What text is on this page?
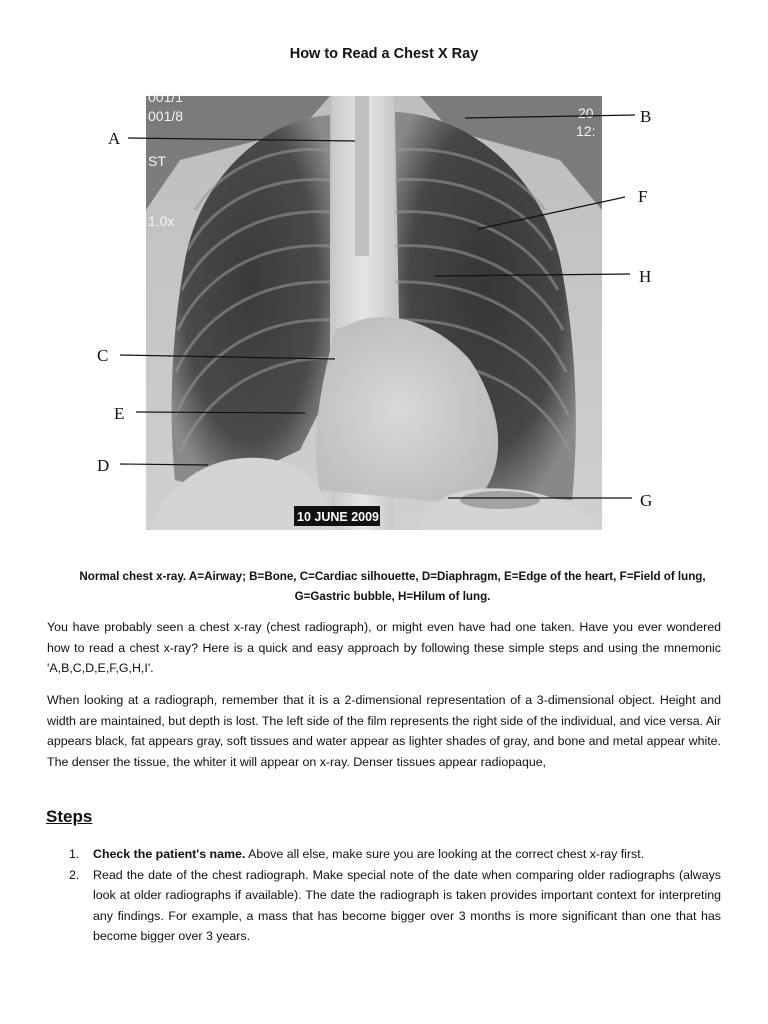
How to Read a Chest X Ray
001/1
001/8
ST
1.0x
20
12:
10 JUNE 2009
A
B
F
H
C
E
D
G
Normal chest x-ray. A=Airway; B=Bone, C=Cardiac silhouette, D=Diaphragm, E=Edge of the heart, F=Field of lung,
G=Gastric bubble, H=Hilum of lung.

You have probably seen a chest x-ray (chest radiograph), or might even have had one taken. Have you ever wondered how to read a chest x-ray? Here is a quick and easy approach by following these simple steps and using the mnemonic 'A,B,C,D,E,F,G,H,I'.

When looking at a radiograph, remember that it is a 2-dimensional representation of a 3-dimensional object. Height and width are maintained, but depth is lost. The left side of the film represents the right side of the individual, and vice versa. Air appears black, fat appears gray, soft tissues and water appear as lighter shades of gray, and bone and metal appear white. The denser the tissue, the whiter it will appear on x-ray. Denser tissues appear radiopaque,

Steps
1. Check the patient's name. Above all else, make sure you are looking at the correct chest x-ray first.
2. Read the date of the chest radiograph. Make special note of the date when comparing older radiographs (always look at older radiographs if available). The date the radiograph is taken provides important context for interpreting any findings. For example, a mass that has become bigger over 3 months is more significant than one that has become bigger over 3 years.
